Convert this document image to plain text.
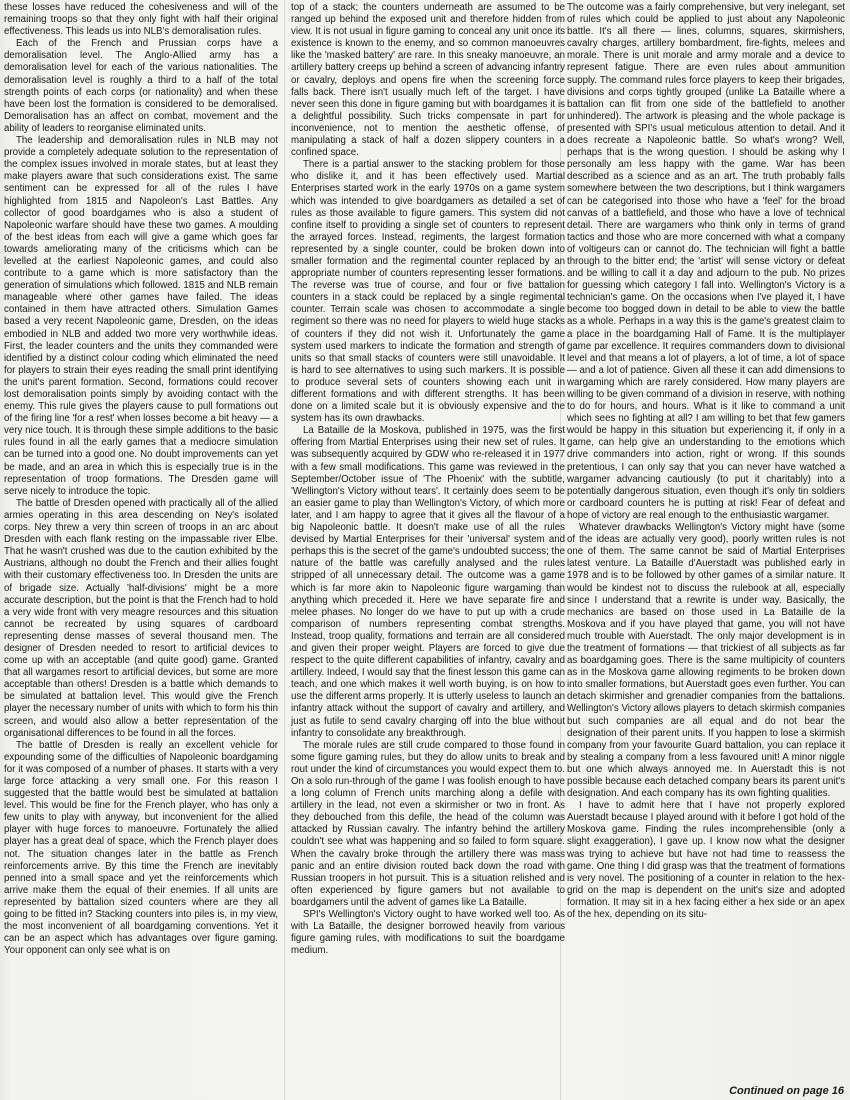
these losses have reduced the cohesiveness and will of the remaining troops so that they only fight with half their original effectiveness. This leads us into NLB's demoralisation rules.

Each of the French and Prussian corps have a demoralisation level. The Anglo-Allied army has a demoralisation level for each of the various nationalities. The demoralisation level is roughly a third to a half of the total strength points of each corps (or nationality) and when these have been lost the formation is considered to be demoralised. Demoralisation has an affect on combat, movement and the ability of leaders to reorganise eliminated units.

The leadership and demoralisation rules in NLB may not provide a completely adequate solution to the representation of the complex issues involved in morale states, but at least they make players aware that such considerations exist. The same sentiment can be expressed for all of the rules I have highlighted from 1815 and Napoleon's Last Battles. Any collector of good boardgames who is also a student of Napoleonic warfare should have these two games. A moulding of the best ideas from each will give a game which goes far towards ameliorating many of the criticisms which can be levelled at the earliest Napoleonic games, and could also contribute to a game which is more satisfactory than the generation of simulations which followed. 1815 and NLB remain manageable where other games have failed. The ideas contained in them have attracted others. Simulation Games based a very recent Napoleonic game, Dresden, on the ideas embodied in NLB and added two more very worthwhile ideas. First, the leader counters and the units they commanded were identified by a distinct colour coding which eliminated the need for players to strain their eyes reading the small print identifying the unit's parent formation. Second, formations could recover lost demoralisation points simply by avoiding contact with the enemy. This rule gives the players cause to pull formations out of the firing line 'for a rest' when losses become a bit heavy — a very nice touch. It is through these simple additions to the basic rules found in all the early games that a mediocre simulation can be turned into a good one. No doubt improvements can yet be made, and an area in which this is especially true is in the representation of troop formations. The Dresden game will serve nicely to introduce the topic.

The battle of Dresden opened with practically all of the allied armies operating in this area descending on Ney's isolated corps. Ney threw a very thin screen of troops in an arc about Dresden with each flank resting on the impassable river Elbe. That he wasn't crushed was due to the caution exhibited by the Austrians, although no doubt the French and their allies fought with their customary effectiveness too. In Dresden the units are of brigade size. Actually 'half-divisions' might be a more accurate description, but the point is that the French had to hold a very wide front with very meagre resources and this situation cannot be recreated by using squares of cardboard representing dense masses of several thousand men. The designer of Dresden needed to resort to artificial devices to come up with an acceptable (and quite good) game. Granted that all wargames resort to artificial devices, but some are more acceptable than others! Dresden is a battle which demands to be simulated at battalion level. This would give the French player the necessary number of units with which to form his thin screen, and would also allow a better representation of the organisational differences to be found in all the forces.

The battle of Dresden is really an excellent vehicle for expounding some of the difficulties of Napoleonic boardgaming for it was composed of a number of phases. It starts with a very large force attacking a very small one. For this reason I suggested that the battle would best be simulated at battalion level. This would be fine for the French player, who has only a few units to play with anyway, but inconvenient for the allied player with huge forces to manoeuvre. Fortunately the allied player has a great deal of space, which the French player does not. The situation changes later in the battle as French reinforcements arrive. By this time the French are inevitably penned into a small space and yet the reinforcements which arrive make them the equal of their enemies. If all units are represented by battalion sized counters where are they all going to be fitted in? Stacking counters into piles is, in my view, the most inconvenient of all boardgaming conventions. Yet it can be an aspect which has advantages over figure gaming. Your opponent can only see what is on

top of a stack; the counters underneath are assumed to be ranged up behind the exposed unit and therefore hidden from view. It is not usual in figure gaming to conceal any unit once its existence is known to the enemy, and so common manoeuvres like the 'masked battery' are rare. In this sneaky manoeuvre, an artillery battery creeps up behind a screen of advancing infantry or cavalry, deploys and opens fire when the screening force falls back. There isn't usually much left of the target. I have never seen this done in figure gaming but with boardgames it is a delightful possibility. Such tricks compensate in part for inconvenience, not to mention the aesthetic offense, of manipulating a stack of half a dozen slippery counters in a confined space.

There is a partial answer to the stacking problem for those who dislike it, and it has been effectively used. Martial Enterprises started work in the early 1970s on a game system which was intended to give boardgamers as detailed a set of rules as those available to figure gamers. This system did not confine itself to providing a single set of counters to represent the arrayed forces. Instead, regiments, the largest formation represented by a single counter, could be broken down into smaller formation and the regimental counter replaced by an appropriate number of counters representing lesser formations. The reverse was true of course, and four or five battalion counters in a stack could be replaced by a single regimental counter. Terrain scale was chosen to accommodate a single regiment so there was no need for players to wield huge stacks of counters if they did not wish it. Unfortunately the game system used markers to indicate the formation and strength of units so that small stacks of counters were still unavoidable. It is hard to see alternatives to using such markers. It is possible to produce several sets of counters showing each unit in different formations and with different strengths. It has been done on a limited scale but it is obviously expensive and the system has its own drawbacks.

La Bataille de la Moskova, published in 1975, was the first offering from Martial Enterprises using their new set of rules. It was subsequently acquired by GDW who re-released it in 1977 with a few small modifications. This game was reviewed in the September/October issue of 'The Phoenix' with the subtitle, 'Wellington's Victory without tears'. It certainly does seem to be an easier game to play than Wellington's Victory, of which more later, and I am happy to agree that it gives all the flavour of a big Napoleonic battle. It doesn't make use of all the rules devised by Martial Enterprises for their 'universal' system and perhaps this is the secret of the game's undoubted success; the nature of the battle was carefully analysed and the rules stripped of all unnecessary detail. The outcome was a game which is far more akin to Napoleonic figure wargaming than anything which preceded it. Here we have separate fire and melee phases. No longer do we have to put up with a crude comparison of numbers representing combat strengths. Instead, troop quality, formations and terrain are all considered and given their proper weight. Players are forced to give due respect to the quite different capabilities of infantry, cavalry and artillery. Indeed, I would say that the finest lesson this game can teach, and one which makes it well worth buying, is on how to use the different arms properly. It is utterly useless to launch an infantry attack without the support of cavalry and artillery, and just as futile to send cavalry charging off into the blue without infantry to consolidate any breakthrough.

The morale rules are still crude compared to those found in some figure gaming rules, but they do allow units to break and rout under the kind of circumstances you would expect them to. On a solo run-through of the game I was foolish enough to have a long column of French units marching along a defile with artillery in the lead, not even a skirmisher or two in front. As they debouched from this defile, the head of the column was attacked by Russian cavalry. The infantry behind the artillery couldn't see what was happening and so failed to form square. When the cavalry broke through the artillery there was mass panic and an entire division routed back down the road with Russian troopers in hot pursuit. This is a situation relished and often experienced by figure gamers but not available to boardgamers until the advent of games like La Bataille.

SPI's Wellington's Victory ought to have worked well too. As with La Bataille, the designer borrowed heavily from various figure gaming rules, with modifications to suit the boardgame medium.

The outcome was a fairly comprehensive, but very inelegant, set of rules which could be applied to just about any Napoleonic battle. It's all there — lines, columns, squares, skirmishers, cavalry charges, artillery bombardment, fire-fights, melees and morale. There is unit morale and army morale and a device to represent fatigue. There are even rules about ammunition supply. The command rules force players to keep their brigades, divisions and corps tightly grouped (unlike La Bataille where a battalion can flit from one side of the battlefield to another unhindered). The artwork is pleasing and the whole package is presented with SPI's usual meticulous attention to detail. And it does recreate a Napoleonic battle. So what's wrong? Well, perhaps that is the wrong question. I should be asking why I personally am less happy with the game. War has been described as a science and as an art. The truth probably falls somewhere between the two descriptions, but I think wargamers can be categorised into those who have a 'feel' for the broad canvas of a battlefield, and those who have a love of technical detail. There are wargamers who think only in terms of grand tactics and those who are more concerned with what a company of voltigeurs can or cannot do. The technician will fight a battle through to the bitter end; the 'artist' will sense victory or defeat and be willing to call it a day and adjourn to the pub. No prizes for guessing which category I fall into. Wellington's Victory is a technician's game. On the occasions when I've played it, I have become too bogged down in detail to be able to view the battle as a whole. Perhaps in a way this is the game's greatest claim to a place in the boardgaming Hall of Fame. It is the multiplayer game par excellence. It requires commanders down to divisional level and that means a lot of players, a lot of time, a lot of space — and a lot of patience. Given all these it can add dimensions to wargaming which are rarely considered. How many players are willing to be given command of a division in reserve, with nothing to do for hours, and hours. What is it like to command a unit which sees no fighting at all? I am willing to bet that few gamers would be happy in this situation but experiencing it, if only in a game, can help give an understanding to the emotions which drive commanders into action, right or wrong. If this sounds pretentious, I can only say that you can never have watched a wargamer advancing cautiously (to put it charitably) into a potentially dangerous situation, even though it's only tin soldiers or cardboard counters he is putting at risk! Fear of defeat and hope of victory are real enough to the enthusiastic wargamer.

Whatever drawbacks Wellington's Victory might have (some of the ideas are actually very good), poorly written rules is not one of them. The same cannot be said of Martial Enterprises latest venture. La Bataille d'Auerstadt was published early in 1978 and is to be followed by other games of a similar nature. It would be kindest not to discuss the rulebook at all, especially since I understand that a rewrite is under way. Basically, the mechanics are based on those used in La Bataille de la Moskova and if you have played that game, you will not have much trouble with Auerstadt. The only major development is in the treatment of formations — that trickiest of all subjects as far as boardgaming goes. There is the same multipicity of counters as in the Moskova game allowing regiments to be broken down into smaller formations, but Auerstadt goes even further. You can detach skirmisher and grenadier companies from the battalions. Wellington's Victory allows players to detach skirmish companies but such companies are all equal and do not bear the designation of their parent units. If you happen to lose a skirmish company from your favourite Guard battalion, you can replace it by stealing a company from a less favoured unit! A minor niggle but one which always annoyed me. In Auerstadt this is not possible because each detached company bears its parent unit's designation. And each company has its own fighting qualities.

I have to admit here that I have not properly explored Auerstadt because I played around with it before I got hold of the Moskova game. Finding the rules incomprehensible (only a slight exaggeration), I gave up. I know now what the designer was trying to achieve but have not had time to reassess the game. One thing I did grasp was that the treatment of formations is very novel. The positioning of a counter in relation to the hex-grid on the map is dependent on the unit's size and adopted formation. It may sit in a hex facing either a hex side or an apex of the hex, depending on its situ-

Continued on page 16
